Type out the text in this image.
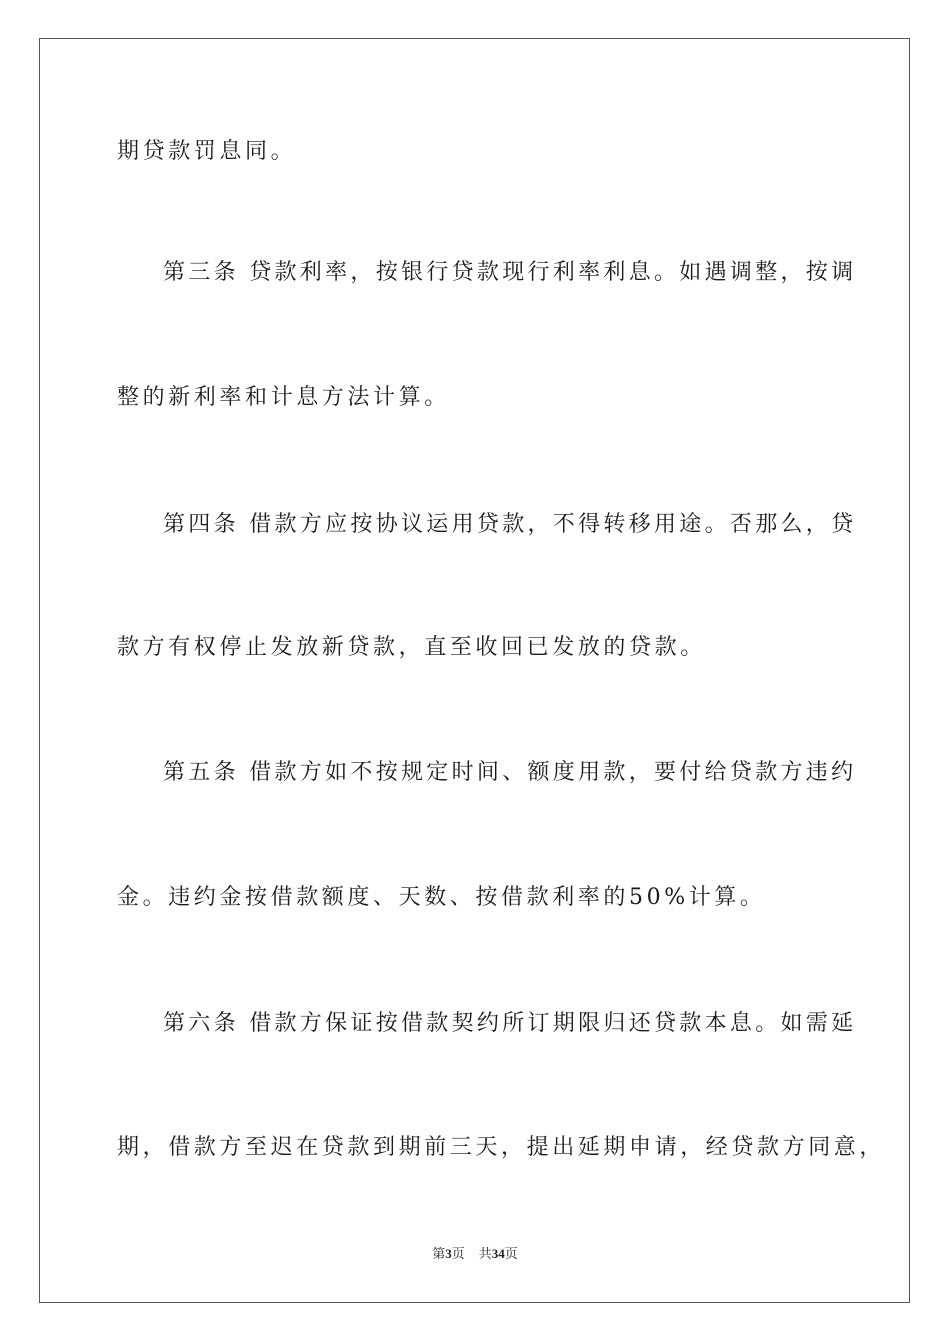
期贷款罚息同。
第三条 贷款利率，按银行贷款现行利率利息。如遇调整，按调
整的新利率和计息方法计算。
第四条 借款方应按协议运用贷款，不得转移用途。否那么，贷
款方有权停止发放新贷款，直至收回已发放的贷款。
第五条 借款方如不按规定时间、额度用款，要付给贷款方违约
金。违约金按借款额度、天数、按借款利率的50%计算。
第六条 借款方保证按借款契约所订期限归还贷款本息。如需延
期，借款方至迟在贷款到期前三天，提出延期申请，经贷款方同意，
第3页 共34页
